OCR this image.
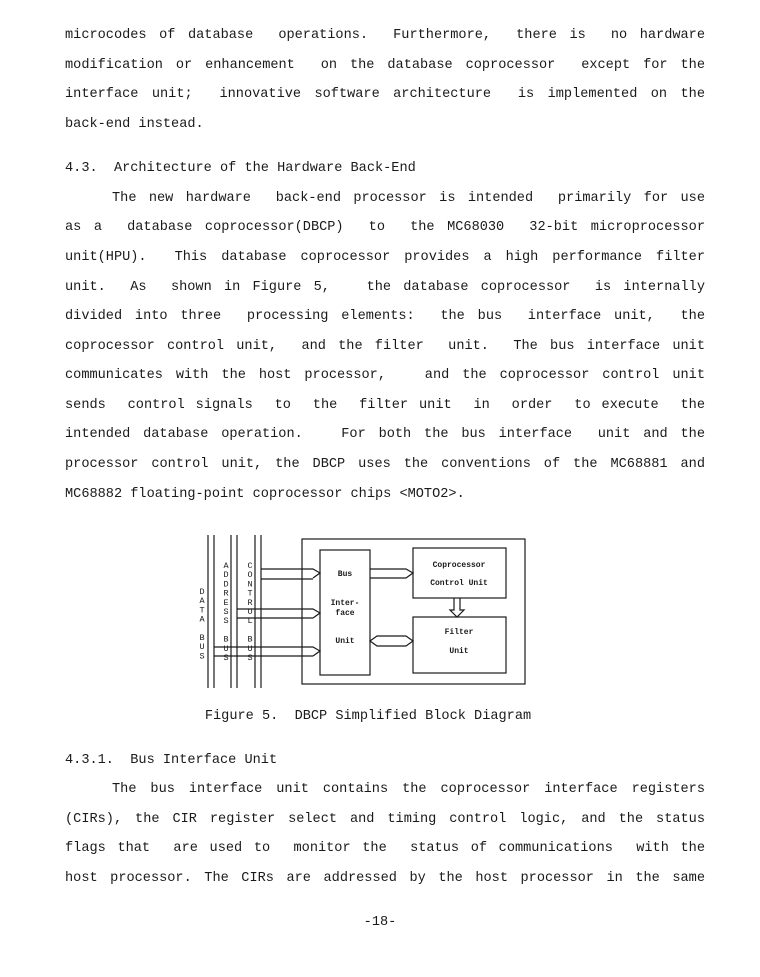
microcodes of database  operations.  Furthermore,  there is  no hardware
modification or enhancement  on the database coprocessor  except for the
interface unit;  innovative software architecture  is implemented on the
back-end instead.
4.3.  Architecture of the Hardware Back-End
The new hardware  back-end processor is intended  primarily for use
as a  database coprocessor(DBCP)  to  the MC68030  32-bit microprocessor
unit(HPU).  This database coprocessor provides a high performance filter
unit.  As  shown in Figure 5,   the database coprocessor  is internally
divided into three  processing elements:  the bus  interface unit,  the
coprocessor control unit,  and the filter  unit.  The bus interface unit
communicates with the host processor,   and the coprocessor control unit
sends  control signals  to  the  filter unit  in  order  to execute  the
intended database operation.   For both the bus interface  unit and the
processor control unit, the DBCP uses the conventions of the MC68881 and
MC68882 floating-point coprocessor chips <MOTO2>.
D
A
T
A
B
U
S
A
D
D
R
E
S
S
B
U
S
C
O
N
T
R
O
L
B
U
S
Bus
Inter-
face
Unit
Coprocessor
Control Unit
Filter
Unit
Figure 5.  DBCP Simplified Block Diagram
4.3.1.  Bus Interface Unit
The bus interface unit contains the coprocessor interface registers
(CIRs), the CIR register select and timing control logic, and the status
flags that  are used to  monitor the  status of communications  with the
host processor. The CIRs are addressed by the host processor in the same
-18-
